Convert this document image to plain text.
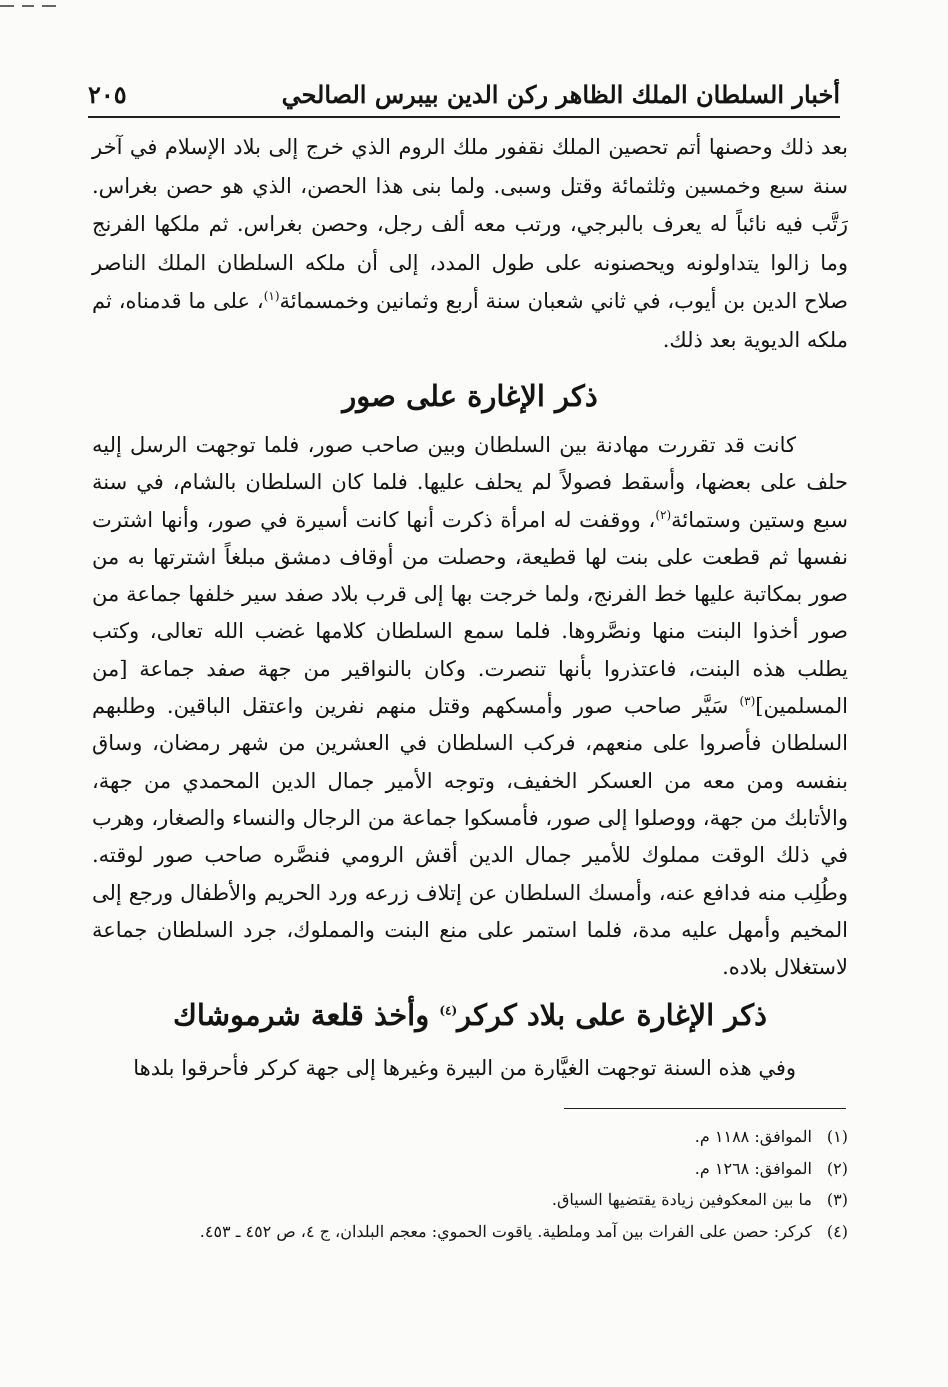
أخبار السلطان الملك الظاهر ركن الدين بيبرس الصالحي
٢٠٥

بعد ذلك وحصنها أتم تحصين الملك نقفور ملك الروم الذي خرج إلى بلاد الإسلام في آخر سنة سبع وخمسين وثلثمائة وقتل وسبى. ولما بنى هذا الحصن، الذي هو حصن بغراس. رَتَّب فيه نائباً له يعرف بالبرجي، ورتب معه ألف رجل، وحصن بغراس. ثم ملكها الفرنج وما زالوا يتداولونه ويحصنونه على طول المدد، إلى أن ملكه السلطان الملك الناصر صلاح الدين بن أيوب، في ثاني شعبان سنة أربع وثمانين وخمسمائة$^{(١)}$، على ما قدمناه، ثم ملكه الديوية بعد ذلك.

ذكر الإغارة على صور

كانت قد تقررت مهادنة بين السلطان وبين صاحب صور، فلما توجهت الرسل إليه حلف على بعضها، وأسقط فصولاً لم يحلف عليها. فلما كان السلطان بالشام، في سنة سبع وستين وستمائة$^{(٢)}$، ووقفت له امرأة ذكرت أنها كانت أسيرة في صور، وأنها اشترت نفسها ثم قطعت على بنت لها قطيعة، وحصلت من أوقاف دمشق مبلغاً اشترتها به من صور بمكاتبة عليها خط الفرنج، ولما خرجت بها إلى قرب بلاد صفد سير خلفها جماعة من صور أخذوا البنت منها ونصَّروها. فلما سمع السلطان كلامها غضب الله تعالى، وكتب يطلب هذه البنت، فاعتذروا بأنها تنصرت. وكان بالنواقير من جهة صفد جماعة [من المسلمين]$^{(٣)}$ سَيَّر صاحب صور وأمسكهم وقتل منهم نفرين واعتقل الباقين. وطلبهم السلطان فأصروا على منعهم، فركب السلطان في العشرين من شهر رمضان، وساق بنفسه ومن معه من العسكر الخفيف، وتوجه الأمير جمال الدين المحمدي من جهة، والأتابك من جهة، ووصلوا إلى صور، فأمسكوا جماعة من الرجال والنساء والصغار، وهرب في ذلك الوقت مملوك للأمير جمال الدين أقش الرومي فنصَّره صاحب صور لوقته. وطُلِب منه فدافع عنه، وأمسك السلطان عن إتلاف زرعه ورد الحريم والأطفال ورجع إلى المخيم وأمهل عليه مدة، فلما استمر على منع البنت والمملوك، جرد السلطان جماعة لاستغلال بلاده.

ذكر الإغارة على بلاد كركر$^{(٤)}$ وأخذ قلعة شرموشاك

وفي هذه السنة توجهت الغيَّارة من البيرة وغيرها إلى جهة كركر فأحرقوا بلدها

(١)
الموافق: ١١٨٨ م.
(٢)
الموافق: ١٢٦٨ م.
(٣)
ما بين المعكوفين زيادة يقتضيها السياق.
(٤)
كركر: حصن على الفرات بين آمد وملطية. ياقوت الحموي: معجم البلدان، ج ٤، ص ٤٥٢ ـ ٤٥٣.
